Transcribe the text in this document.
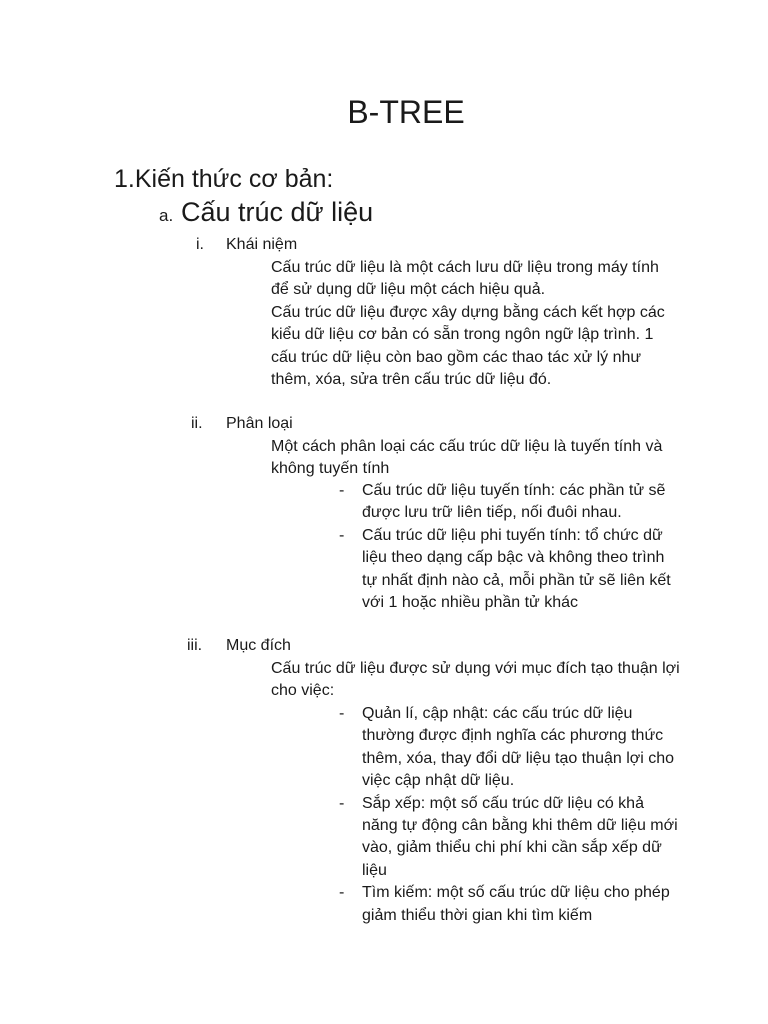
B-TREE
1.Kiến thức cơ bản:
a. Cấu trúc dữ liệu
i. Khái niệm

Cấu trúc dữ liệu là một cách lưu dữ liệu trong máy tính để sử dụng dữ liệu một cách hiệu quả.

Cấu trúc dữ liệu được xây dựng bằng cách kết hợp các kiểu dữ liệu cơ bản có sẵn trong ngôn ngữ lập trình. 1 cấu trúc dữ liệu còn bao gồm các thao tác xử lý như thêm, xóa, sửa trên cấu trúc dữ liệu đó.

ii. Phân loại

Một cách phân loại các cấu trúc dữ liệu là tuyến tính và không tuyến tính

- Cấu trúc dữ liệu tuyến tính: các phần tử sẽ được lưu trữ liên tiếp, nối đuôi nhau.
- Cấu trúc dữ liệu phi tuyến tính: tổ chức dữ liệu theo dạng cấp bậc và không theo trình tự nhất định nào cả, mỗi phần tử sẽ liên kết với 1 hoặc nhiều phần tử khác
iii. Mục đích

Cấu trúc dữ liệu được sử dụng với mục đích tạo thuận lợi cho việc:

- Quản lí, cập nhật: các cấu trúc dữ liệu thường được định nghĩa các phương thức thêm, xóa, thay đổi dữ liệu tạo thuận lợi cho việc cập nhật dữ liệu.
- Sắp xếp: một số cấu trúc dữ liệu có khả năng tự động cân bằng khi thêm dữ liệu mới vào, giảm thiểu chi phí khi cần sắp xếp dữ liệu
- Tìm kiếm: một số cấu trúc dữ liệu cho phép giảm thiểu thời gian khi tìm kiếm
